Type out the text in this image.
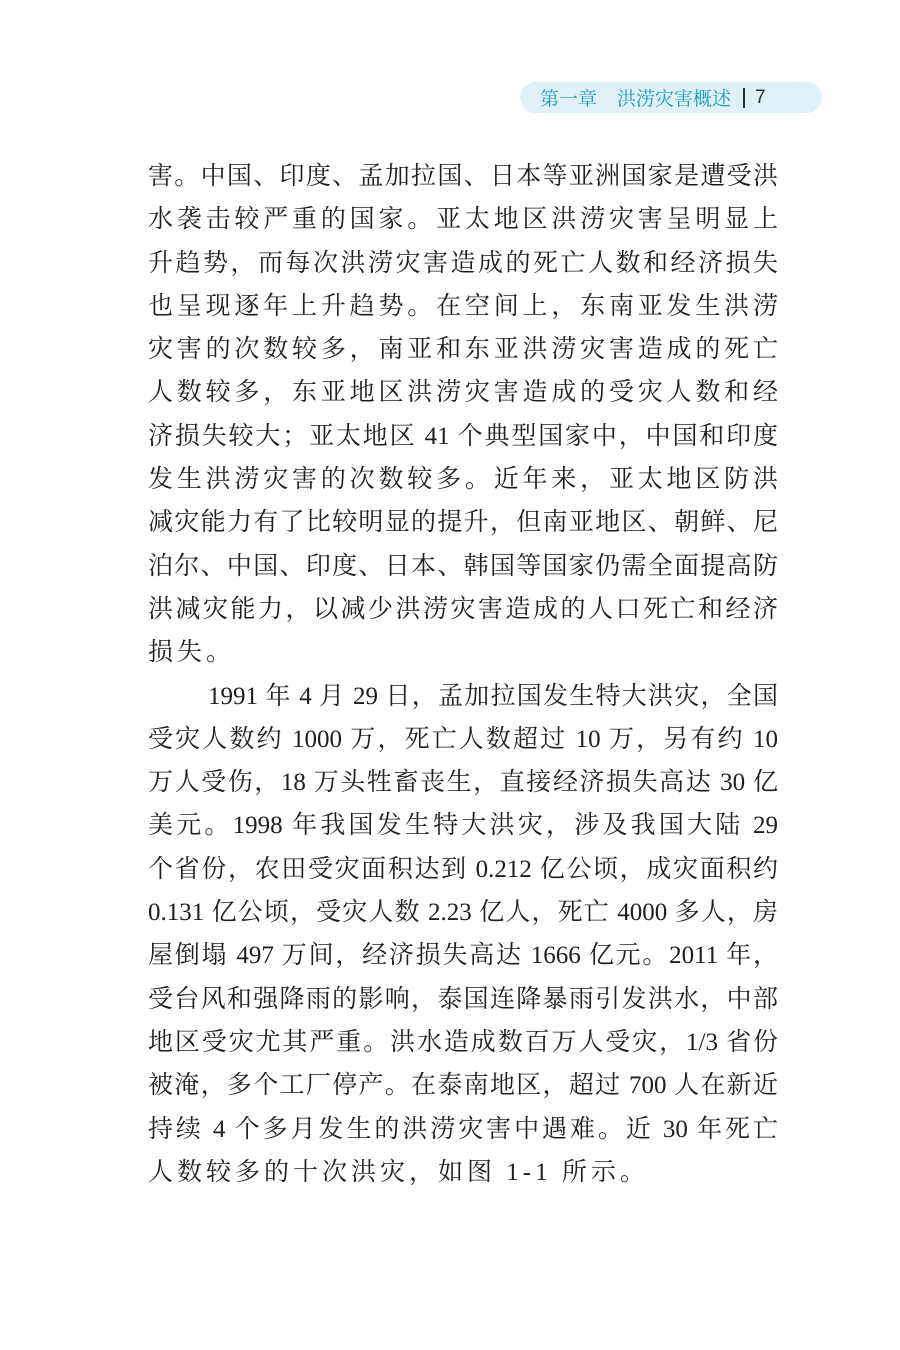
第一章 洪涝灾害概述 7
害。中国、印度、孟加拉国、日本等亚洲国家是遭受洪
水袭击较严重的国家。亚太地区洪涝灾害呈明显上
升趋势，而每次洪涝灾害造成的死亡人数和经济损失
也呈现逐年上升趋势。在空间上，东南亚发生洪涝
灾害的次数较多，南亚和东亚洪涝灾害造成的死亡
人数较多，东亚地区洪涝灾害造成的受灾人数和经
济损失较大；亚太地区 41 个典型国家中，中国和印度
发生洪涝灾害的次数较多。近年来，亚太地区防洪
减灾能力有了比较明显的提升，但南亚地区、朝鲜、尼
泊尔、中国、印度、日本、韩国等国家仍需全面提高防
洪减灾能力，以减少洪涝灾害造成的人口死亡和经济
损失。
1991 年 4 月 29 日，孟加拉国发生特大洪灾，全国
受灾人数约 1000 万，死亡人数超过 10 万，另有约 10
万人受伤，18 万头牲畜丧生，直接经济损失高达 30 亿
美元。1998 年我国发生特大洪灾，涉及我国大陆 29
个省份，农田受灾面积达到 0.212 亿公顷，成灾面积约
0.131 亿公顷，受灾人数 2.23 亿人，死亡 4000 多人，房
屋倒塌 497 万间，经济损失高达 1666 亿元。2011 年，
受台风和强降雨的影响，泰国连降暴雨引发洪水，中部
地区受灾尤其严重。洪水造成数百万人受灾，1/3 省份
被淹，多个工厂停产。在泰南地区，超过 700 人在新近
持续 4 个多月发生的洪涝灾害中遇难。近 30 年死亡
人数较多的十次洪灾，如图 1-1 所示。
